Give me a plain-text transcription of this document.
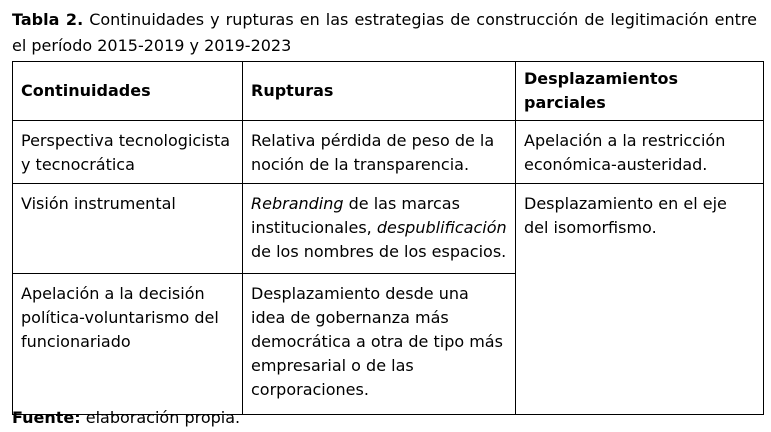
Tabla 2. Continuidades y rupturas en las estrategias de construcción de legitimación entre el período 2015-2019 y 2019-2023

Continuidades	Rupturas	Desplazamientos parciales
Perspectiva tecnologicista y tecnocrática	Relativa pérdida de peso de la noción de la transparencia.	Apelación a la restricción económica-austeridad.
Visión instrumental	Rebranding de las marcas institucionales, despublificación de los nombres de los espacios.	Desplazamiento en el eje del isomorfismo.
Apelación a la decisión política-voluntarismo del funcionariado	Desplazamiento desde una idea de gobernanza más democrática a otra de tipo más empresarial o de las corporaciones.	

Fuente: elaboración propia.
